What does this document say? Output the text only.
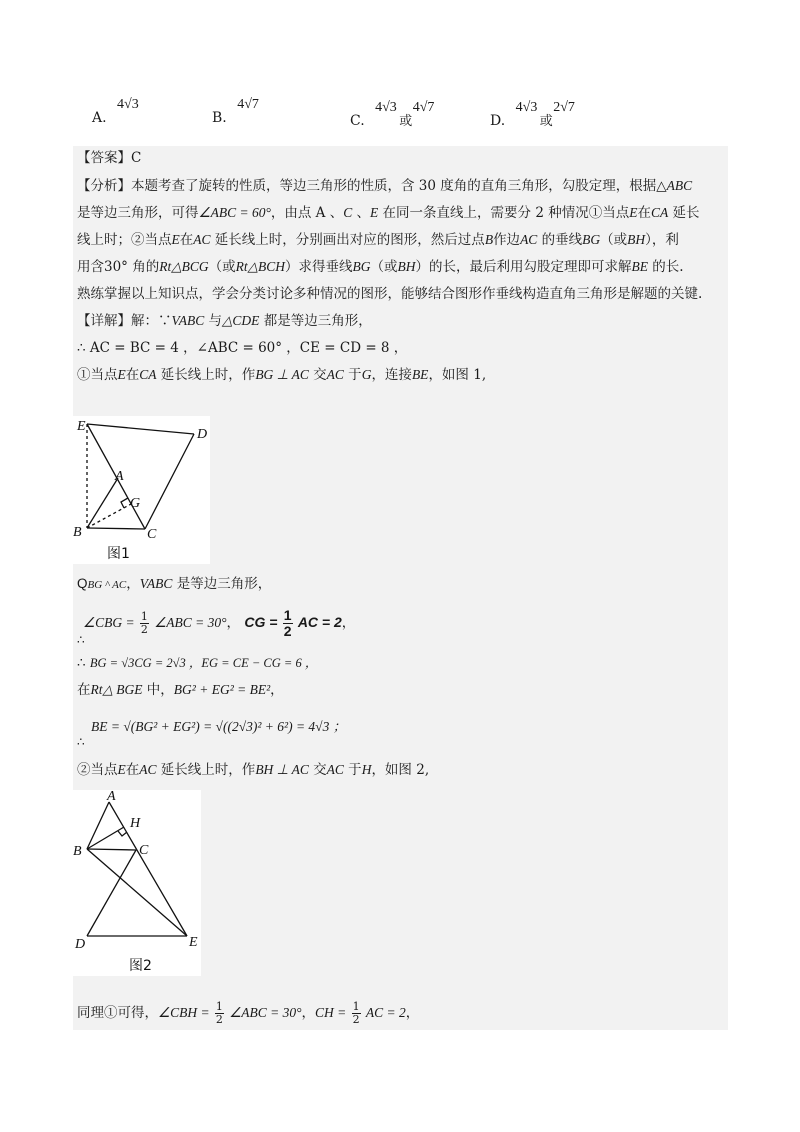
A. 4√3
B. 4√7
C. 4√3 或 4√7
D. 4√3 或 2√7
【答案】C
【分析】本题考查了旋转的性质，等边三角形的性质，含 30 度角的直角三角形，勾股定理，根据△ABC
是等边三角形，可得∠ABC = 60°，由点 A 、C 、E 在同一条直线上，需要分 2 种情况①当点E在CA 延长
线上时；②当点E在AC 延长线上时，分别画出对应的图形，然后过点B作边AC 的垂线BG（或BH），利
用含30° 角的Rt△BCG（或Rt△BCH）求得垂线BG（或BH）的长，最后利用勾股定理即可求解BE 的长.
熟练掌握以上知识点，学会分类讨论多种情况的图形，能够结合图形作垂线构造直角三角形是解题的关键.
【详解】解：∵VABC 与△CDE 都是等边三角形，
∴ AC = BC = 4 ，∠ABC = 60° ，CE = CD = 8 ，
①当点E在CA 延长线上时，作BG ⊥ AC 交AC 于G，连接BE，如图 1,
E
D
A
G
B	C
图1
QBG ^ AC，VABC 是等边三角形，
∠CBG = $\frac{1}{2}$ ∠ABC = 30°， CG = $\frac{1}{2}$ AC = 2，
∴
∴ BG = √3CG = 2√3 ，EG = CE − CG = 6 ，
在Rt△ BGE 中，BG² + EG² = BE²，
BE = √(BG² + EG²) = √((2√3)² + 6²) = 4√3 ；
∴
②当点E在AC 延长线上时，作BH ⊥ AC 交AC 于H，如图 2,
A
H
B	C
D	E
图2
同理①可得，∠CBH = $\frac{1}{2}$ ∠ABC = 30°，CH = $\frac{1}{2}$ AC = 2，
